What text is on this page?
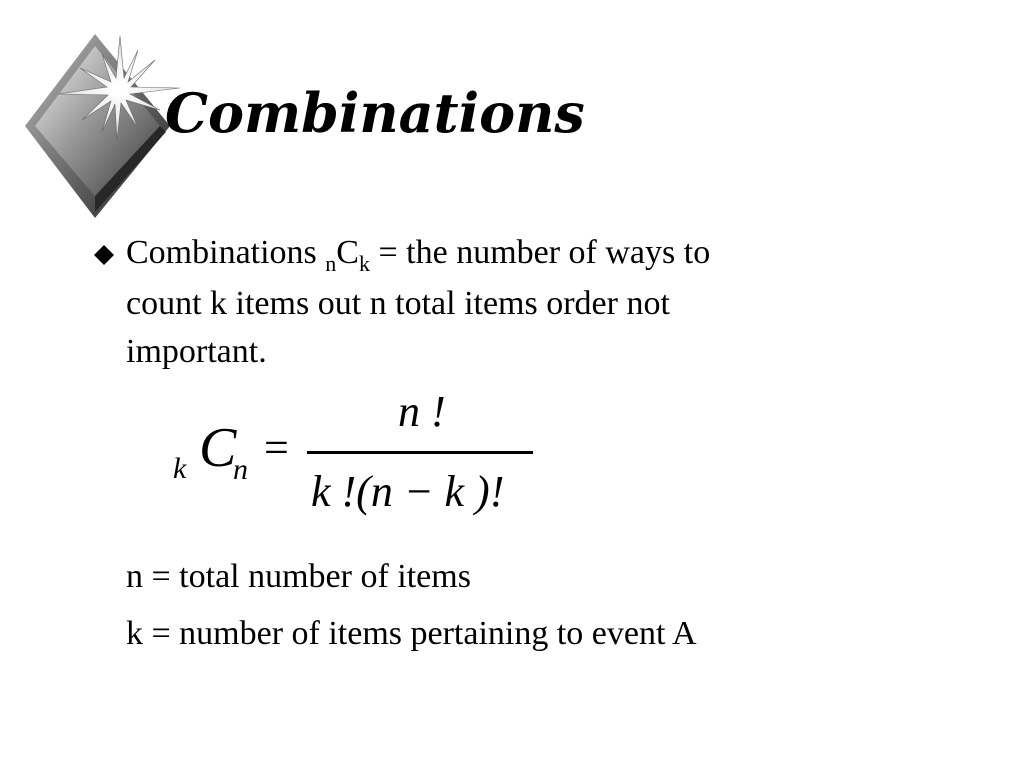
Combinations
Combinations $_nC_k$ = the number of ways to
count k items out n total items order not
important.
k C
n =
n !
k !(n − k )!

n = total number of items

k = number of items pertaining to event A
